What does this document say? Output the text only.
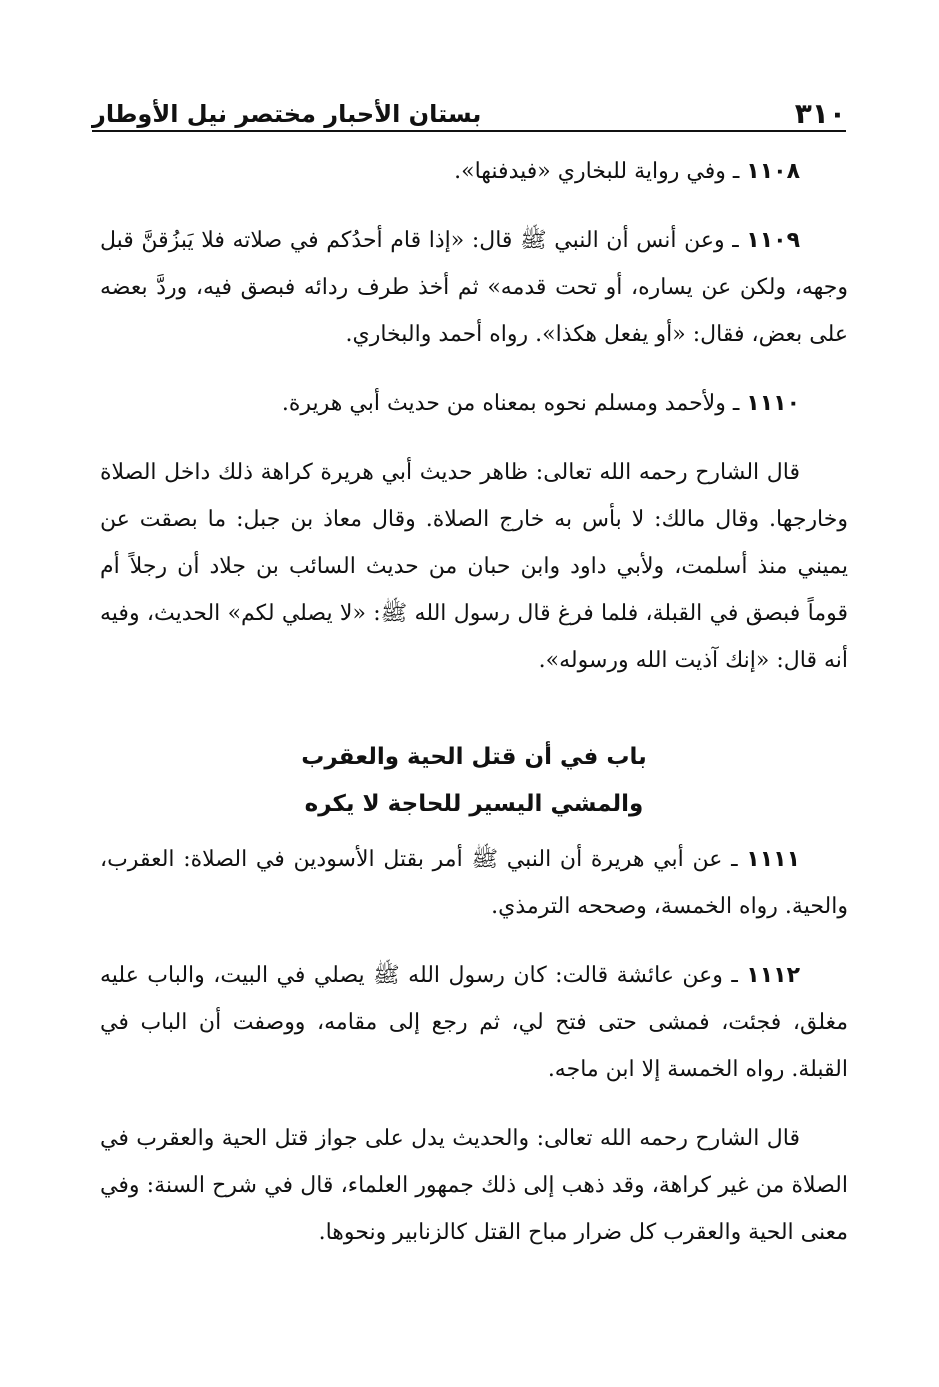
٣١٠
بستان الأحبار مختصر نيل الأوطار

١١٠٨ ـ وفي رواية للبخاري «فيدفنها».

١١٠٩ ـ وعن أنس أن النبي ﷺ قال: «إذا قام أحدُكم في صلاته فلا يَبزُقنَّ قبل وجهه، ولكن عن يساره، أو تحت قدمه» ثم أخذ طرف ردائه فبصق فيه، وردَّ بعضه على بعض، فقال: «أو يفعل هكذا». رواه أحمد والبخاري.

١١١٠ ـ ولأحمد ومسلم نحوه بمعناه من حديث أبي هريرة.

قال الشارح رحمه الله تعالى: ظاهر حديث أبي هريرة كراهة ذلك داخل الصلاة وخارجها. وقال مالك: لا بأس به خارج الصلاة. وقال معاذ بن جبل: ما بصقت عن يميني منذ أسلمت، ولأبي داود وابن حبان من حديث السائب بن جلاد أن رجلاً أم قوماً فبصق في القبلة، فلما فرغ قال رسول الله ﷺ: «لا يصلي لكم» الحديث، وفيه أنه قال: «إنك آذيت الله ورسوله».

باب في أن قتل الحية والعقرب
والمشي اليسير للحاجة لا يكره

١١١١ ـ عن أبي هريرة أن النبي ﷺ أمر بقتل الأسودين في الصلاة: العقرب، والحية. رواه الخمسة، وصححه الترمذي.

١١١٢ ـ وعن عائشة قالت: كان رسول الله ﷺ يصلي في البيت، والباب عليه مغلق، فجئت، فمشى حتى فتح لي، ثم رجع إلى مقامه، ووصفت أن الباب في القبلة. رواه الخمسة إلا ابن ماجه.

قال الشارح رحمه الله تعالى: والحديث يدل على جواز قتل الحية والعقرب في الصلاة من غير كراهة، وقد ذهب إلى ذلك جمهور العلماء، قال في شرح السنة: وفي معنى الحية والعقرب كل ضرار مباح القتل كالزنابير ونحوها.
